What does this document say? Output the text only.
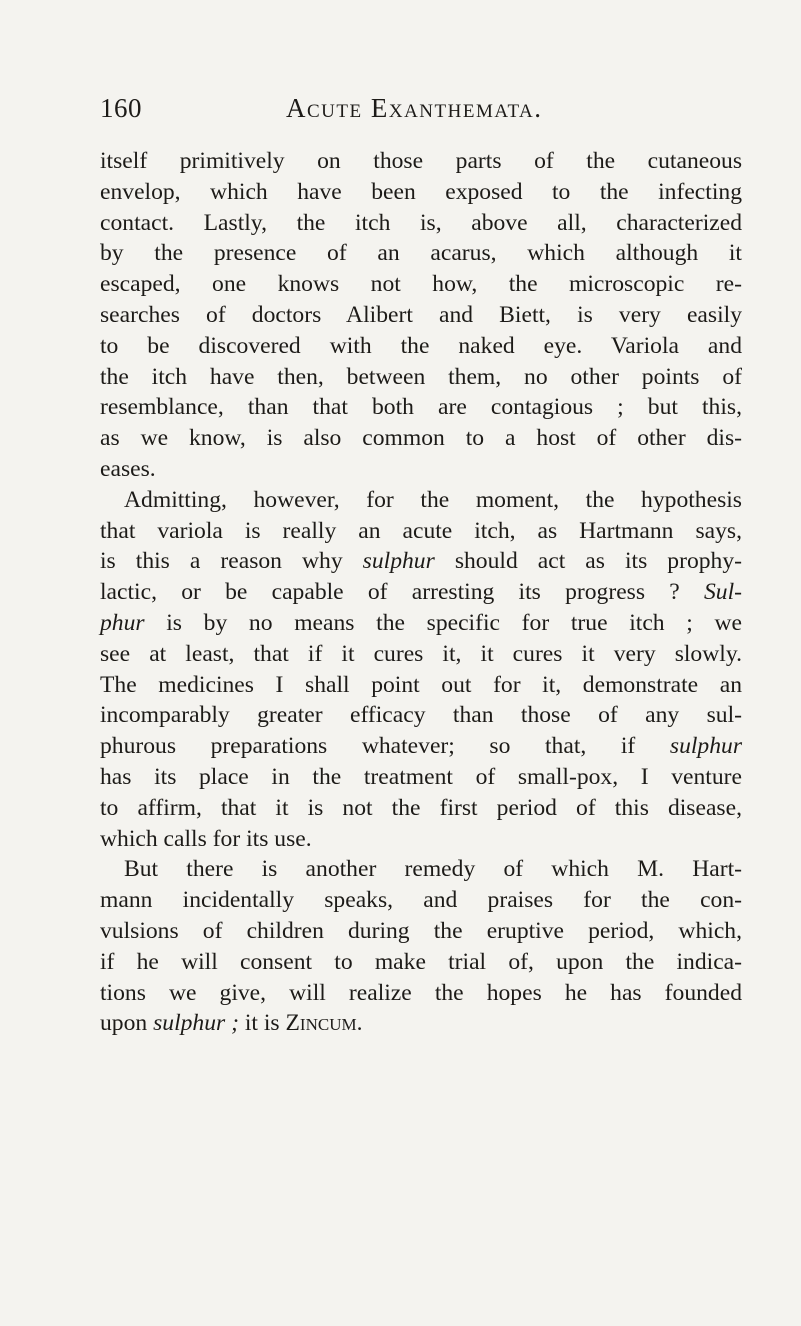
160	Acute Exanthemata.
itself primitively on those parts of the cutaneous
envelop, which have been exposed to the infecting
contact. Lastly, the itch is, above all, characterized
by the presence of an acarus, which although it
escaped, one knows not how, the microscopic re-
searches of doctors Alibert and Biett, is very easily
to be discovered with the naked eye. Variola and
the itch have then, between them, no other points of
resemblance, than that both are contagious ; but this,
as we know, is also common to a host of other dis-
eases.
Admitting, however, for the moment, the hypothesis
that variola is really an acute itch, as Hartmann says,
is this a reason why sulphur should act as its prophy-
lactic, or be capable of arresting its progress ? Sul-
phur is by no means the specific for true itch ; we
see at least, that if it cures it, it cures it very slowly.
The medicines I shall point out for it, demonstrate an
incomparably greater efficacy than those of any sul-
phurous preparations whatever; so that, if sulphur
has its place in the treatment of small-pox, I venture
to affirm, that it is not the first period of this disease,
which calls for its use.
But there is another remedy of which M. Hart-
mann incidentally speaks, and praises for the con-
vulsions of children during the eruptive period, which,
if he will consent to make trial of, upon the indica-
tions we give, will realize the hopes he has founded
upon sulphur ; it is Zincum.
